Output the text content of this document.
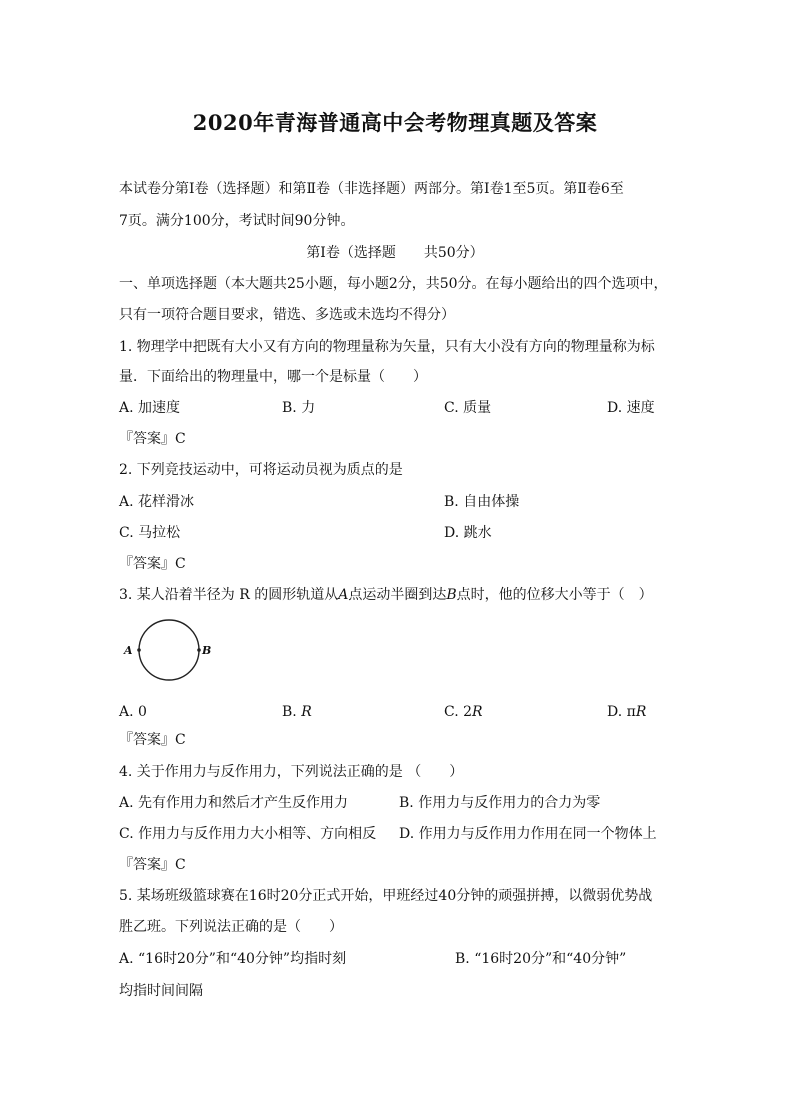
2020年青海普通高中会考物理真题及答案
本试卷分第Ⅰ卷（选择题）和第Ⅱ卷（非选择题）两部分。第Ⅰ卷1至5页。第Ⅱ卷6至
7页。满分100分，考试时间90分钟。
第Ⅰ卷（选择题　　共50分）
一、单项选择题（本大题共25小题，每小题2分，共50分。在每小题给出的四个选项中，
只有一项符合题目要求，错选、多选或未选均不得分）
1. 物理学中把既有大小又有方向的物理量称为矢量，只有大小没有方向的物理量称为标
量．下面给出的物理量中，哪一个是标量（　　）
A. 加速度	B. 力	C. 质量	D. 速度
『答案』C
2. 下列竞技运动中，可将运动员视为质点的是
A. 花样滑冰	B. 自由体操
C. 马拉松	D. 跳水
『答案』C
3. 某人沿着半径为 R 的圆形轨道从A点运动半圈到达B点时，他的位移大小等于（　）
A	B
A. 0	B. R	C. 2R	D. πR
『答案』C
4. 关于作用力与反作用力，下列说法正确的是 （　　）
A. 先有作用力和然后才产生反作用力	B. 作用力与反作用力的合力为零
C. 作用力与反作用力大小相等、方向相反 D. 作用力与反作用力作用在同一个物体上
『答案』C
5. 某场班级篮球赛在16时20分正式开始，甲班经过40分钟的顽强拼搏，以微弱优势战
胜乙班。下列说法正确的是（　　）
A. “16时20分”和“40分钟”均指时刻	B. “16时20分”和“40分钟”
均指时间间隔
